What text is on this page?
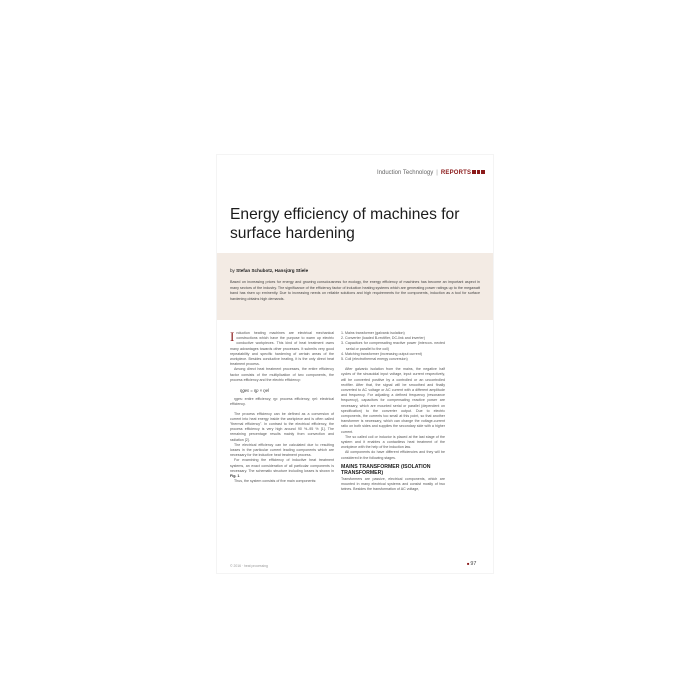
Induction Technology | REPORTS
Energy efficiency of machines for surface hardening
by Stefan Schubotz, Hansjürg Stiele
Based on increasing prices for energy and growing consciousness for ecology, the energy efficiency of machines has become an important aspect in many sectors of the industry. The significance of the efficiency factor of induction heating systems which are generating power ratings up to the megawatt band has risen up eminently. Due to increasing needs on reliable solutions and high requirements for the components, induction as a tool for surface hardening obtains high demands.

Induction heating machines are electrical mechanical constructions which have the purpose to warm up electric conductive workpieces. This kind of heat treatment owns many advantages towards other processes. It submits very good repeatability and specific hardening of certain areas of the workpiece. Besides conductive heating, it is the only direct heat treatment process.

Among direct heat treatment processes, the entire efficiency factor consists of the multiplication of two components, the process efficiency and the electric efficiency:

ηges = ηp × ηel

ηges: entire efficiency; ηp: process efficiency; ηel: electrical efficiency.

The process efficiency can be defined as a conversion of current into heat energy inside the workpiece and is often called "thermal efficiency". In contrast to the electrical efficiency, the process efficiency is very high around 90 %–95 % [1]. The remaining percentage results mainly from convection and radiation [2].

The electrical efficiency can be calculated due to resulting losses in the particular current leading components which are necessary for the inductive heat treatment process.

For examining the efficiency of inductive heat treatment systems, an exact consideration of all particular components is necessary. The schematic structure including losses is shown in Fig. 1.

Thus, the system consists of five main components:

1. Mains transformer (galvanic isolation)
2. Converter (loaded B-rectifier, DC-link and inverter)
3. Capacitors for compensating reactive power (intercon- nected serial or parallel to the coil)
4. Matching transformer (increasing output current)
5. Coil (electrothermal energy conversion)

After galvanic isolation from the mains, the negative half cycles of the sinusoidal input voltage, input current respectively, will be converted positive by a controlled or an uncontrolled rectifier. After that, the signal will be smoothed and finally converted to AC voltage or AC current with a different amplitude and frequency. For adjusting a defined frequency (resonance frequency), capacitors for compensating reactive power are necessary, which are mounted serial or parallel (dependent on specification) to the converter output. Due to electric components, the currents too small at this point, so that another transformer is necessary, which can change the voltage-current ratio on both sides and supplies the secondary side with a higher current.

The so called coil or inductor is placed at the last stage of the system and it enables a contactless heat treatment of the workpiece with the help of the induction law.

All components do have different efficiencies and they will be considered in the following stages.

MAINS TRANSFORMER (ISOLATION TRANSFORMER)

Transformers are passive, electrical components, which are mounted in many electrical systems and consist mostly of two twines. Besides the transformation of AC voltage,

© 2016 · heat processing	■97
